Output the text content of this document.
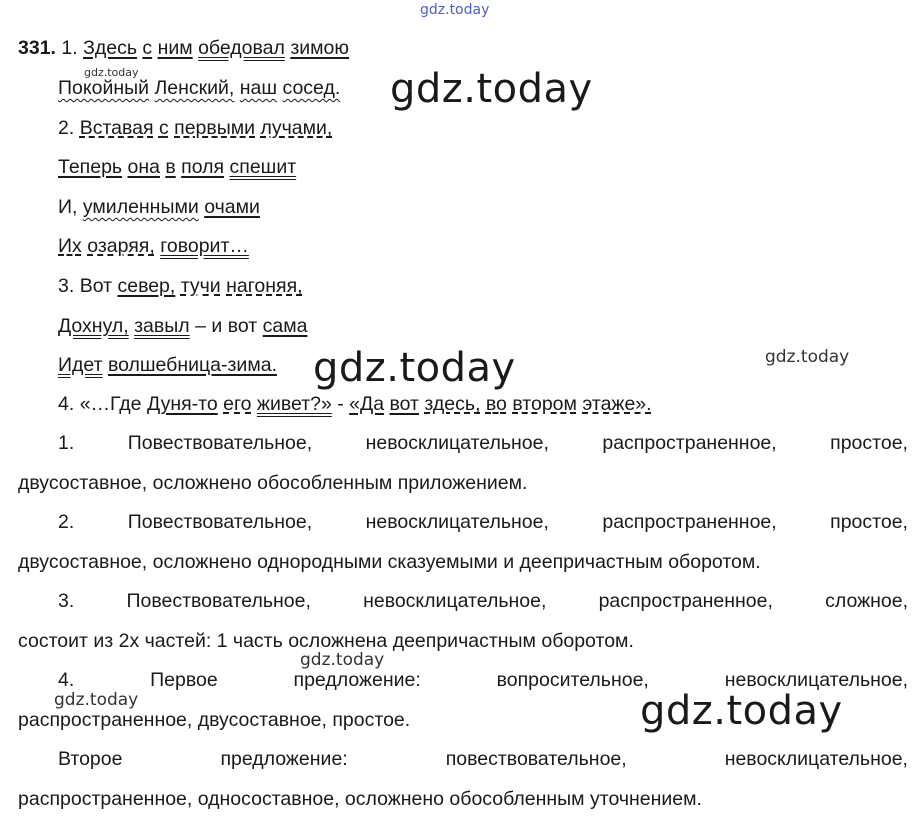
gdz.today
gdz.today	gdz.today
gdz.today	gdz.today
gdz.today
gdz.today	gdz.today
331. 1. Здесь с ним обедовал зимою
Покойный Ленский, наш сосед.
2. Вставая с первыми лучами,
Теперь она в поля спешит
И, умиленными очами
Их озаряя, говорит…
3. Вот север, тучи нагоняя,
Дохнул, завыл – и вот сама
Идет волшебница-зима.
4. «…Где Дуня-то его живет?» - «Да вот здесь, во втором этаже».
1.	Повествовательное,	невосклицательное,	распространенное,	простое,
двусоставное, осложнено обособленным приложением.
2.	Повествовательное,	невосклицательное,	распространенное,	простое,
двусоставное, осложнено однородными сказуемыми и деепричастным оборотом.
3.	Повествовательное,	невосклицательное,	распространенное,	сложное,
состоит из 2х частей: 1 часть осложнена деепричастным оборотом.
4.	Первое	предложение:	вопросительное,	невосклицательное,
распространенное, двусоставное, простое.
Второе	предложение:	повествовательное,	невосклицательное,
распространенное, односоставное, осложнено обособленным уточнением.
